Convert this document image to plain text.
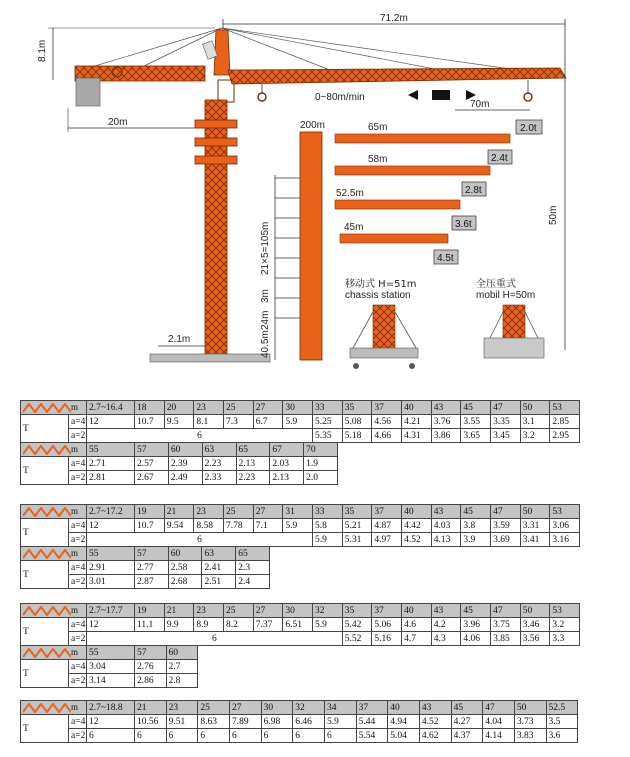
71.2m
8.1m
20m
0~80m/min
70m
2.0t
2.1m
21×5=105m
3m
24m
40.5m
200m	65m
2.4t
58m
2.8t
52.5m
3.6t
45m
4.5t
50m
移动式 H=51m
chassis station
全压重式
mobil H=50m
m		2.7~16.4	18	20	23	25	27	30	33	35	37	40	43	45	47	50	53
T	a=4	12	10.7	9.5	8.1	7.3	6.7	5.9	5.25	5.08	4.56	4.21	3.76	3.55	3.35	3.1	2.85
	a=2	6							5.35	5.18	4.66	4.31	3.86	3.65	3.45	3.2	2.95
m		55	57	60	63	65	67	70
T	a=4	2.71	2.57	2.39	2.23	2.13	2.03	1.9
	a=2	2.81	2.67	2.49	2.33	2.23	2.13	2.0
m		2.7~17.2	19	21	23	25	27	31	33	35	37	40	43	45	47	50	53
T	a=4	12	10.7	9.54	8.58	7.78	7.1	5.9	5.8	5.21	4.87	4.42	4.03	3.8	3.59	3.31	3.06
	a=2	6							5.9	5.31	4.97	4.52	4.13	3.9	3.69	3.41	3.16
m		55	57	60	63	65
T	a=4	2.91	2.77	2.58	2.41	2.3
	a=2	3.01	2.87	2.68	2.51	2.4
m		2.7~17.7	19	21	23	25	27	30	32	35	37	40	43	45	47	50	53
T	a=4	12	11.1	9.9	8.9	8.2	7.37	6.51	5.9	5.42	5.06	4.6	4.2	3.96	3.75	3.46	3.2
	a=2	6								5.52	5.16	4.7	4.3	4.06	3.85	3.56	3.3
m		55	57	60
T	a=4	3.04	2.76	2.7
	a=2	3.14	2.86	2.8
m		2.7~18.8	21	23	25	27	30	32	34	37	40	43	45	47	50	52.5
T	a=4	12	10.56	9.51	8.63	7.89	6.98	6.46	5.9	5.44	4.94	4.52	4.27	4.04	3.73	3.5
	a=2	6	6	6	6	6	6	6	6	5.54	5.04	4.62	4.37	4.14	3.83	3.6
